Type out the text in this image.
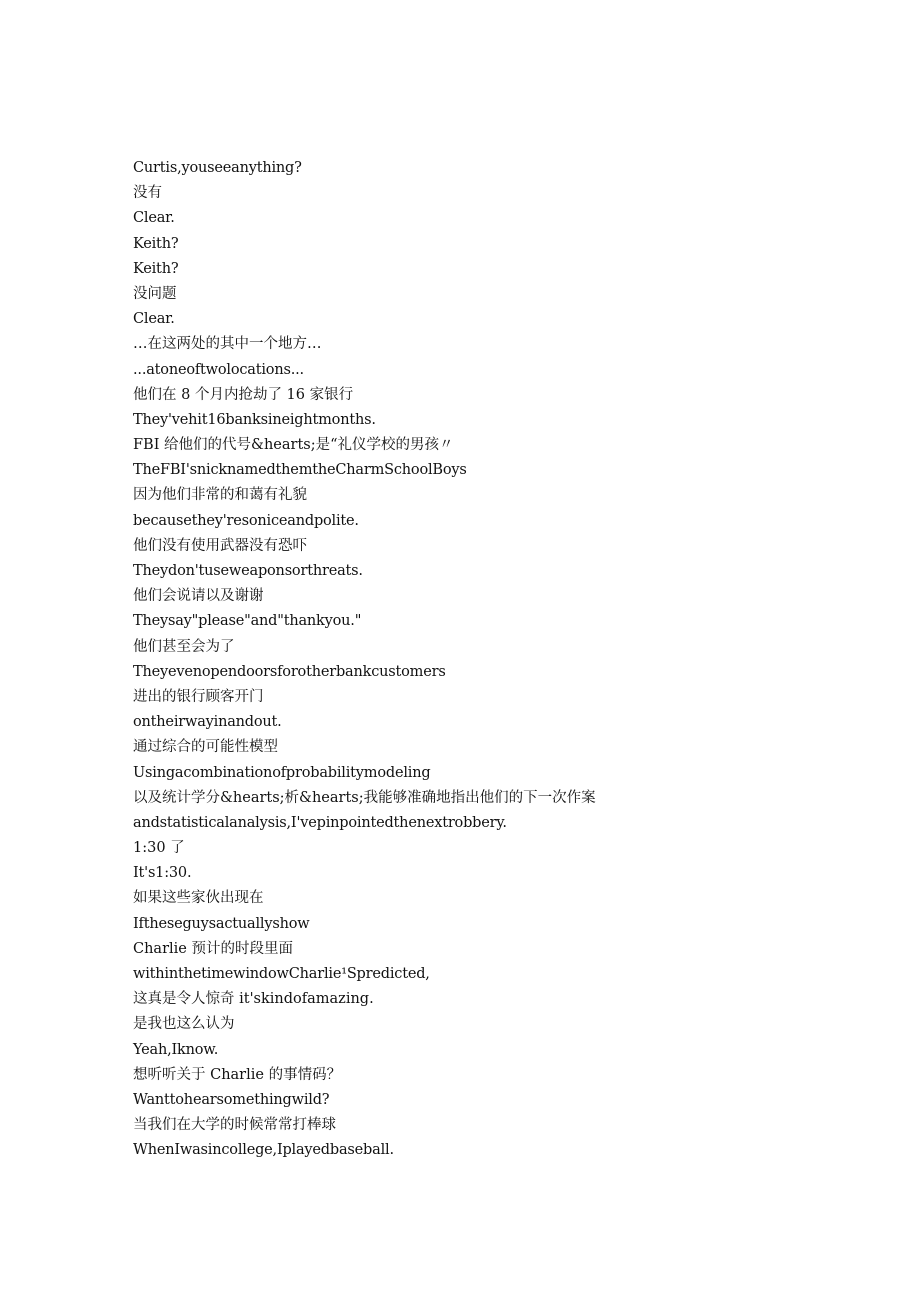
Curtis,youseeanything?
没有
Clear.
Keith?
Keith?
没问题
Clear.
…在这两处的其中一个地方…
...atoneoftwolocations...
他们在 8 个月内抢劫了 16 家银行
They'vehit16banksineightmonths.
FBI 给他们的代号&hearts;是“礼仪学校的男孩〃
TheFBI'snicknamedthemtheCharmSchoolBoys
因为他们非常的和蔼有礼貌
becausethey'resoniceandpolite.
他们没有使用武器没有恐吓
Theydon'tuseweaponsorthreats.
他们会说请以及谢谢
Theysay"please"and"thankyou."
他们甚至会为了
Theyevenopendoorsforotherbankcustomers
进出的银行顾客开门
ontheirwayinandout.
通过综合的可能性模型
Usingacombinationofprobabilitymodeling
以及统计学分&hearts;析&hearts;我能够准确地指出他们的下一次作案
andstatisticalanalysis,I'vepinpointedthenextrobbery.
1:30 了
It's1:30.
如果这些家伙出现在
Iftheseguysactuallyshow
Charlie 预计的时段里面
withinthetimewindowCharlie¹Spredicted,
这真是令人惊奇 it'skindofamazing.
是我也这么认为
Yeah,Iknow.
想听听关于 Charlie 的事情码？
Wanttohearsomethingwild?
当我们在大学的时候常常打棒球
WhenIwasincollege,Iplayedbaseball.
